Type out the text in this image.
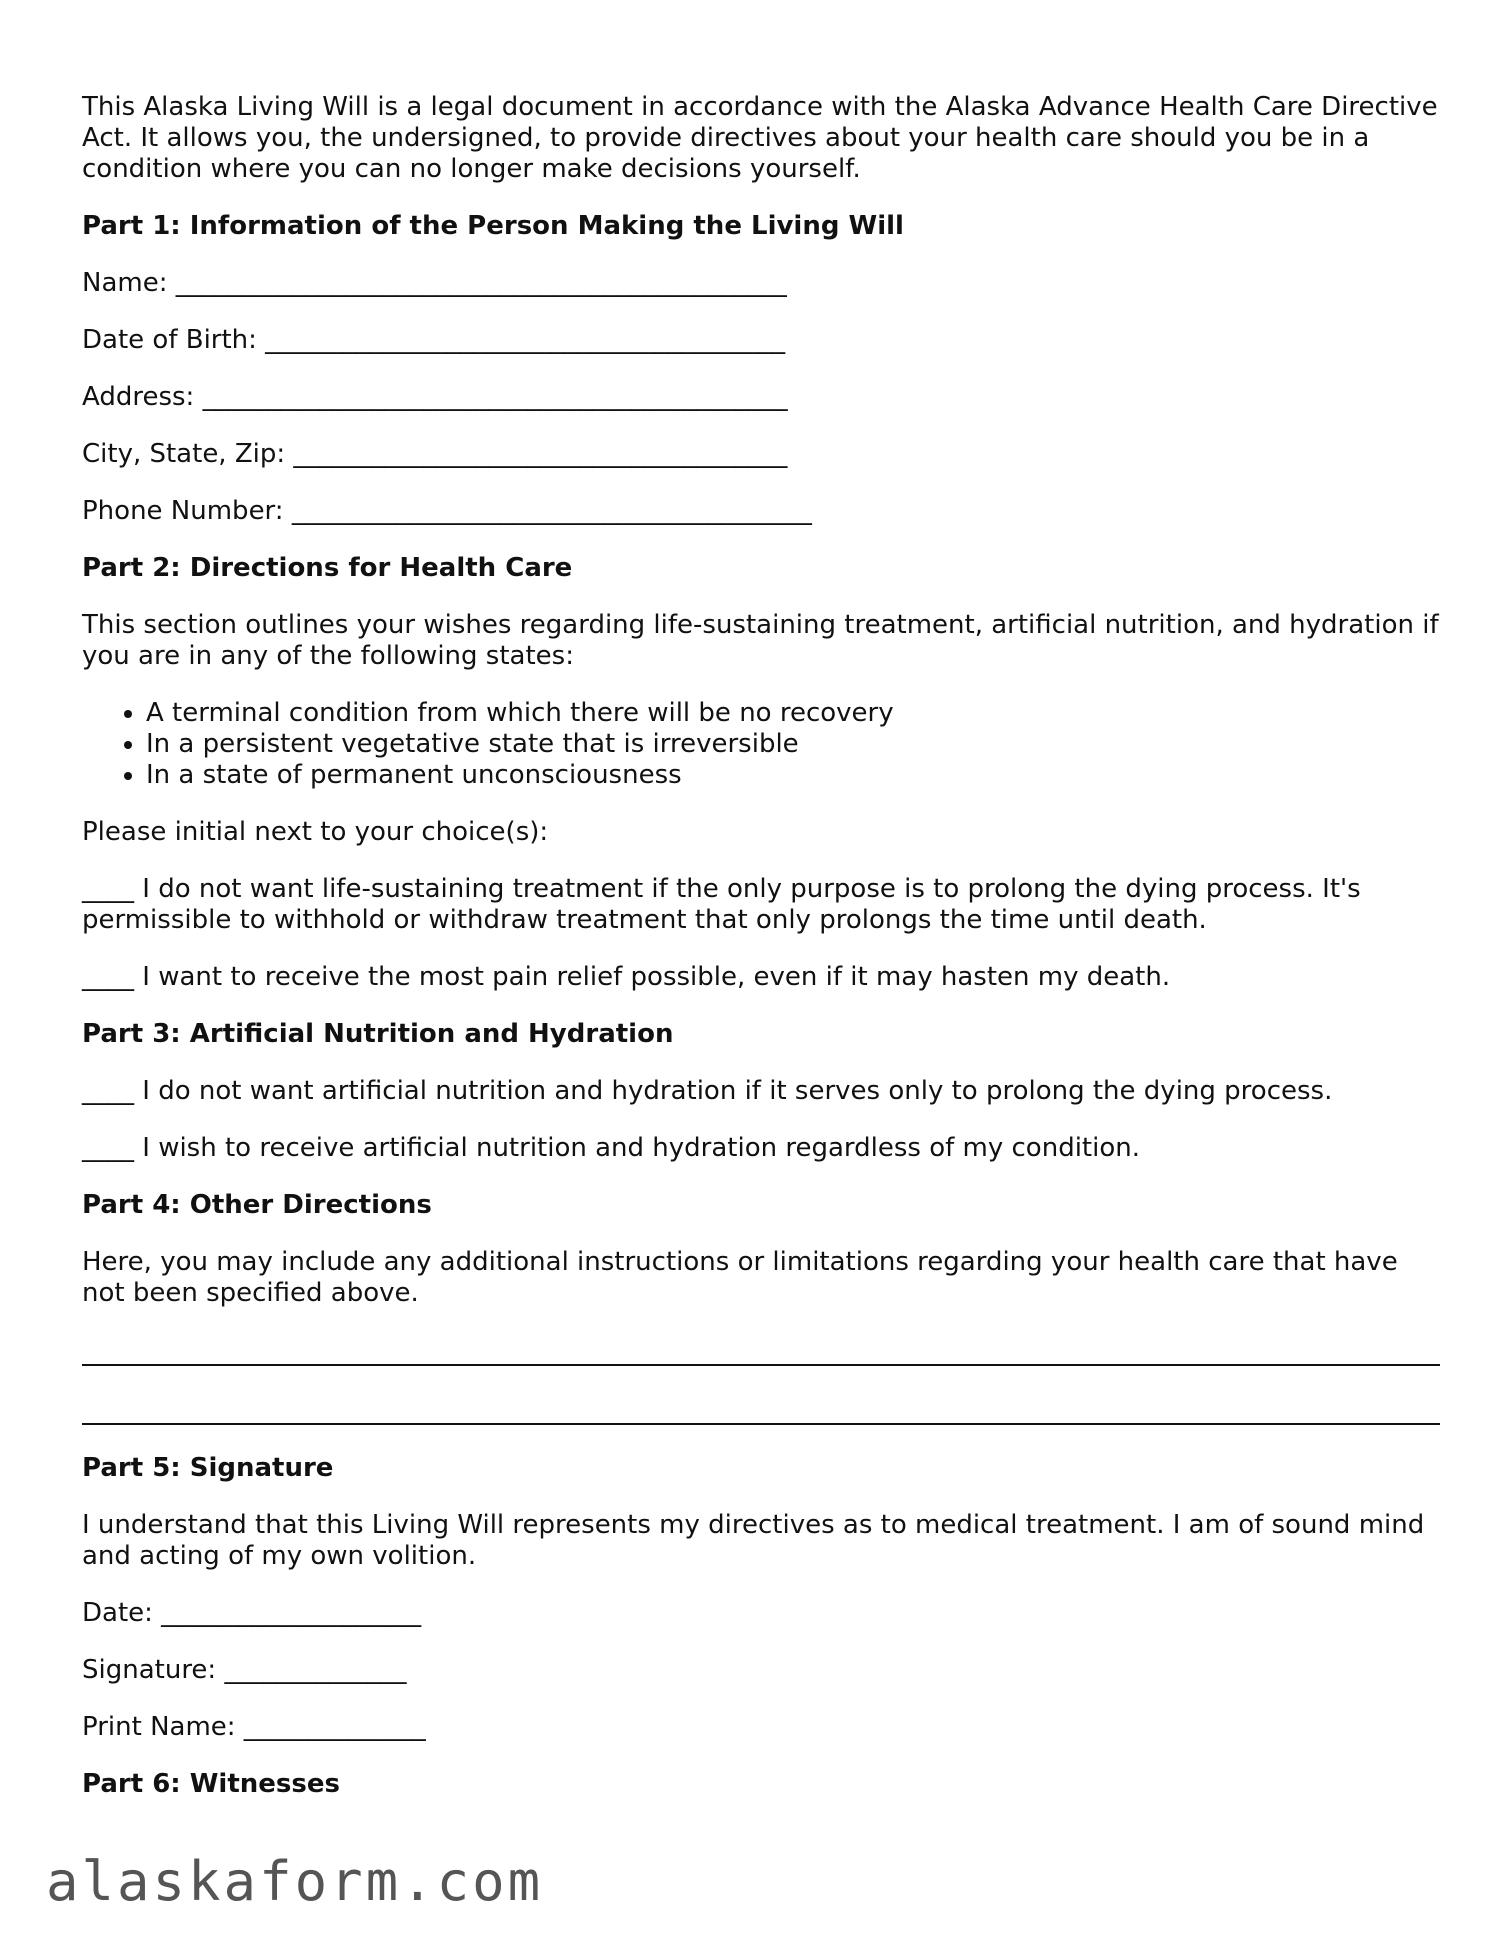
This Alaska Living Will is a legal document in accordance with the Alaska Advance Health Care Directive Act. It allows you, the undersigned, to provide directives about your health care should you be in a condition where you can no longer make decisions yourself.

Part 1: Information of the Person Making the Living Will
Name: _______________________________________________
Date of Birth: ________________________________________
Address: _____________________________________________
City, State, Zip: ______________________________________
Phone Number: ________________________________________
Part 2: Directions for Health Care

This section outlines your wishes regarding life-sustaining treatment, artificial nutrition, and hydration if you are in any of the following states:

• A terminal condition from which there will be no recovery
• In a persistent vegetative state that is irreversible
• In a state of permanent unconsciousness

Please initial next to your choice(s):

____ I do not want life-sustaining treatment if the only purpose is to prolong the dying process. It's permissible to withhold or withdraw treatment that only prolongs the time until death.

____ I want to receive the most pain relief possible, even if it may hasten my death.

Part 3: Artificial Nutrition and Hydration

____ I do not want artificial nutrition and hydration if it serves only to prolong the dying process.

____ I wish to receive artificial nutrition and hydration regardless of my condition.

Part 4: Other Directions

Here, you may include any additional instructions or limitations regarding your health care that have not been specified above.

Part 5: Signature

I understand that this Living Will represents my directives as to medical treatment. I am of sound mind and acting of my own volition.

Date: ____________________
Signature: ______________
Print Name: ______________
Part 6: Witnesses
alaskaform.com
